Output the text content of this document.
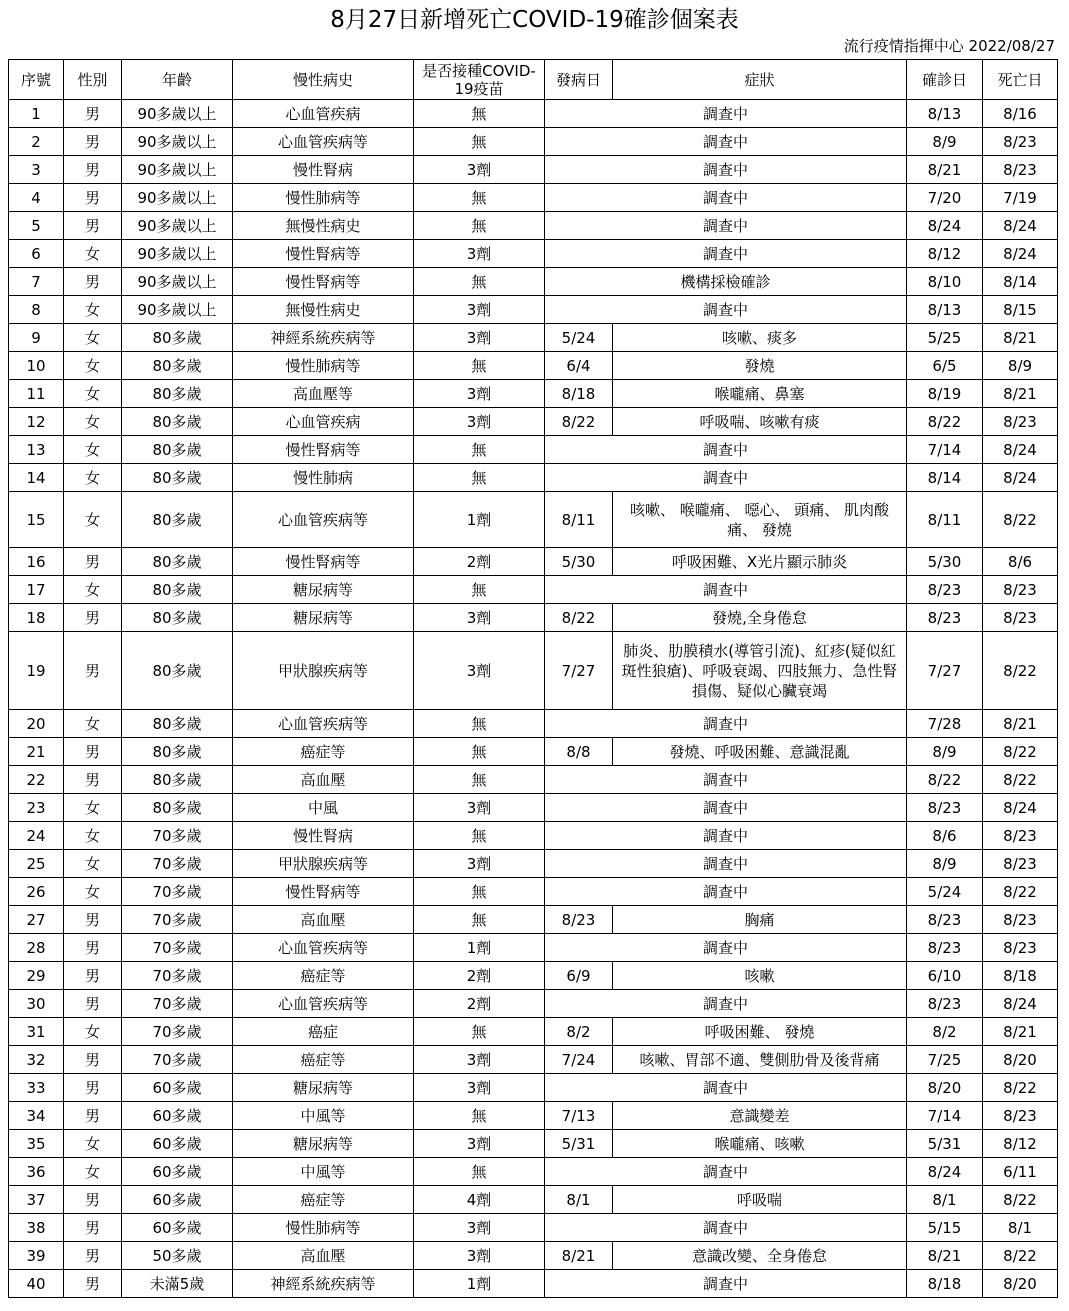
8月27日新增死亡COVID-19確診個案表
流行疫情指揮中心 2022/08/27
序號	性別	年齡	慢性病史	是否接種COVID-19疫苗	發病日	症狀	確診日	死亡日
1	男	90多歲以上	心血管疾病	無	調查中		8/13	8/16
2	男	90多歲以上	心血管疾病等	無	調查中		8/9	8/23
3	男	90多歲以上	慢性腎病	3劑	調查中		8/21	8/23
4	男	90多歲以上	慢性肺病等	無	調查中		7/20	7/19
5	男	90多歲以上	無慢性病史	無	調查中		8/24	8/24
6	女	90多歲以上	慢性腎病等	3劑	調查中		8/12	8/24
7	男	90多歲以上	慢性腎病等	無	機構採檢確診		8/10	8/14
8	女	90多歲以上	無慢性病史	3劑	調查中		8/13	8/15
9	女	80多歲	神經系統疾病等	3劑	5/24	咳嗽、痰多	5/25	8/21
10	女	80多歲	慢性肺病等	無	6/4	發燒	6/5	8/9
11	女	80多歲	高血壓等	3劑	8/18	喉嚨痛、鼻塞	8/19	8/21
12	女	80多歲	心血管疾病	3劑	8/22	呼吸喘、咳嗽有痰	8/22	8/23
13	女	80多歲	慢性腎病等	無	調查中		7/14	8/24
14	女	80多歲	慢性肺病	無	調查中		8/14	8/24
15	女	80多歲	心血管疾病等	1劑	8/11	咳嗽、 喉嚨痛、 噁心、 頭痛、 肌肉酸痛、 發燒	8/11	8/22
16	男	80多歲	慢性腎病等	2劑	5/30	呼吸困難、X光片顯示肺炎	5/30	8/6
17	女	80多歲	糖尿病等	無	調查中		8/23	8/23
18	男	80多歲	糖尿病等	3劑	8/22	發燒,全身倦怠	8/23	8/23
19	男	80多歲	甲狀腺疾病等	3劑	7/27	肺炎、肋膜積水(導管引流)、紅疹(疑似紅斑性狼瘡)、呼吸衰竭、四肢無力、急性腎損傷、疑似心臟衰竭	7/27	8/22
20	女	80多歲	心血管疾病等	無	調查中		7/28	8/21
21	男	80多歲	癌症等	無	8/8	發燒、呼吸困難、意識混亂	8/9	8/22
22	男	80多歲	高血壓	無	調查中		8/22	8/22
23	女	80多歲	中風	3劑	調查中		8/23	8/24
24	女	70多歲	慢性腎病	無	調查中		8/6	8/23
25	女	70多歲	甲狀腺疾病等	3劑	調查中		8/9	8/23
26	女	70多歲	慢性腎病等	無	調查中		5/24	8/22
27	男	70多歲	高血壓	無	8/23	胸痛	8/23	8/23
28	男	70多歲	心血管疾病等	1劑	調查中		8/23	8/23
29	男	70多歲	癌症等	2劑	6/9	咳嗽	6/10	8/18
30	男	70多歲	心血管疾病等	2劑	調查中		8/23	8/24
31	女	70多歲	癌症	無	8/2	呼吸困難、 發燒	8/2	8/21
32	男	70多歲	癌症等	3劑	7/24	咳嗽、胃部不適、雙側肋骨及後背痛	7/25	8/20
33	男	60多歲	糖尿病等	3劑	調查中		8/20	8/22
34	男	60多歲	中風等	無	7/13	意識變差	7/14	8/23
35	女	60多歲	糖尿病等	3劑	5/31	喉嚨痛、咳嗽	5/31	8/12
36	女	60多歲	中風等	無	調查中		8/24	6/11
37	男	60多歲	癌症等	4劑	8/1	呼吸喘	8/1	8/22
38	男	60多歲	慢性肺病等	3劑	調查中		5/15	8/1
39	男	50多歲	高血壓	3劑	8/21	意識改變、全身倦怠	8/21	8/22
40	男	未滿5歲	神經系統疾病等	1劑	調查中		8/18	8/20
